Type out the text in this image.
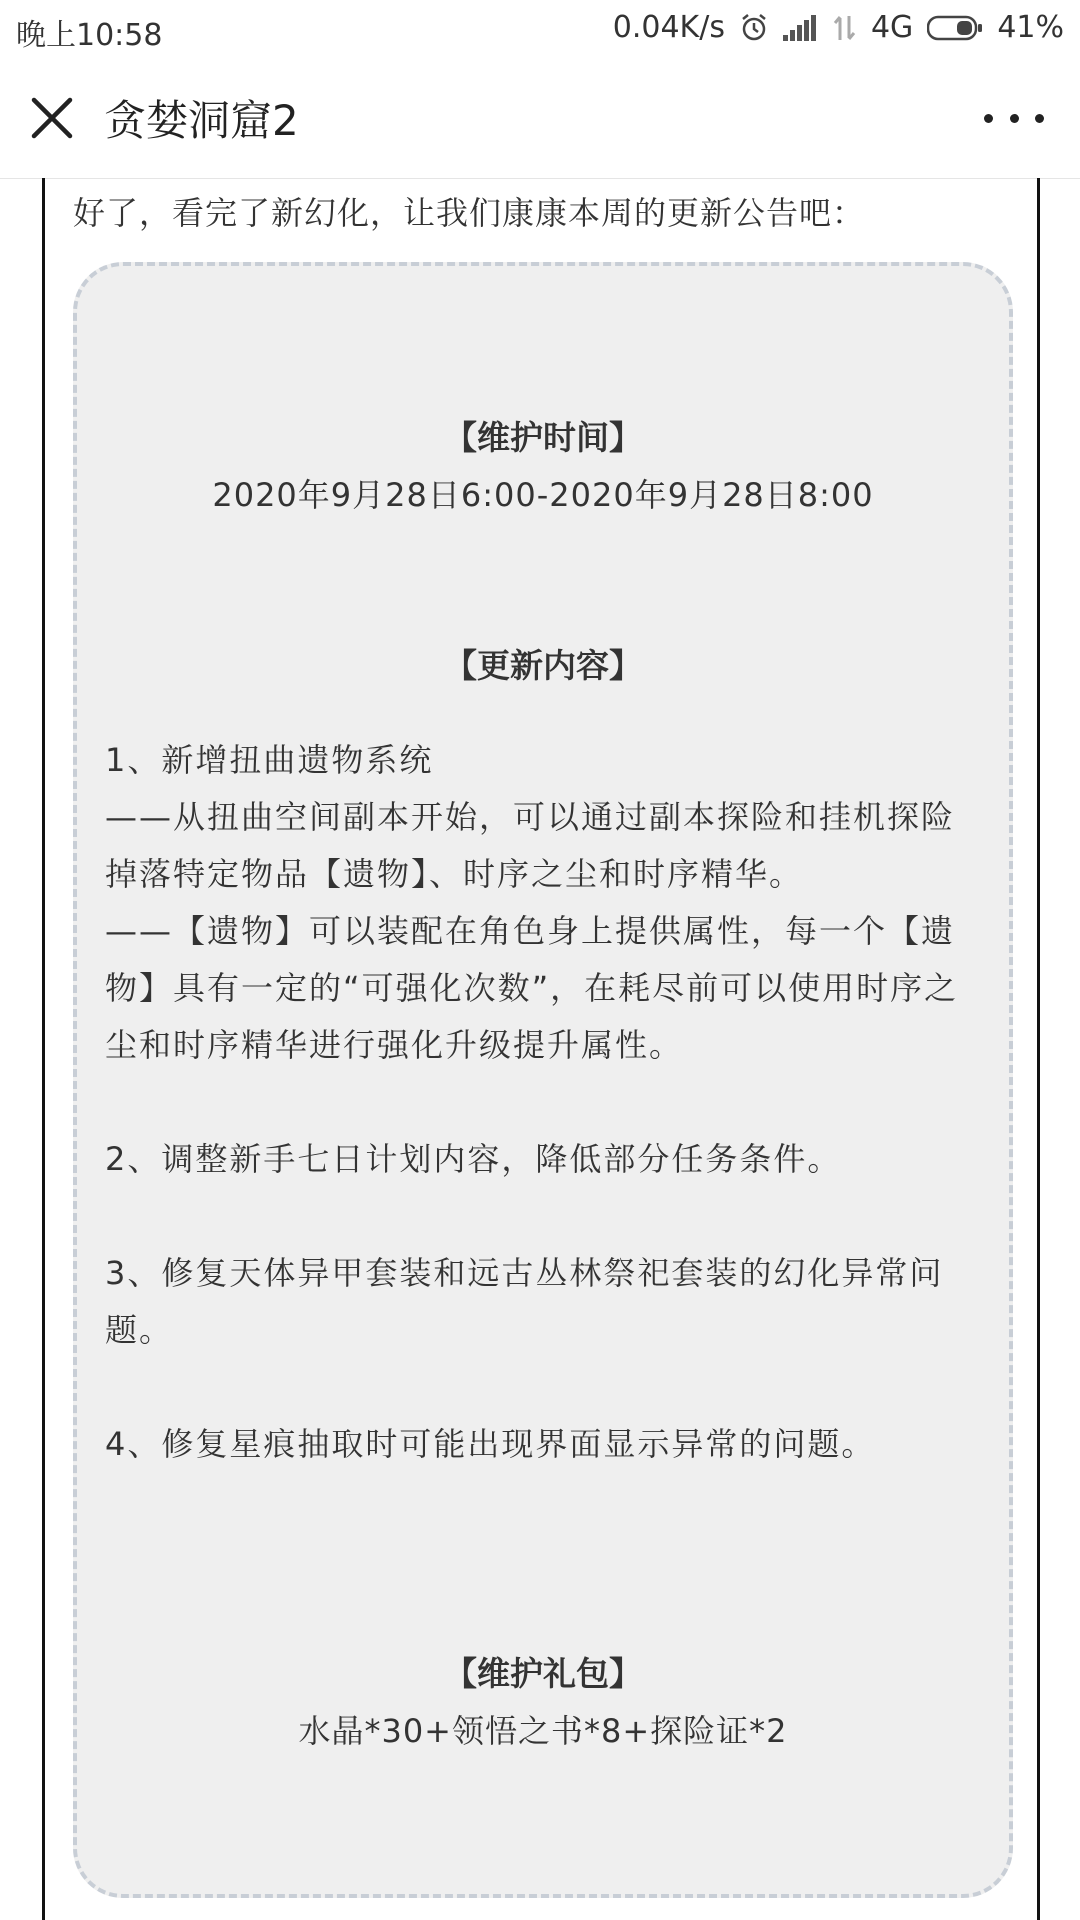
晚上10:58	0.04K/s	4G	41%
贪婪洞窟2
好了，看完了新幻化，让我们康康本周的更新公告吧：
【维护时间】
2020年9月28日6:00-2020年9月28日8:00
【更新内容】

1、新增扭曲遗物系统

——从扭曲空间副本开始，可以通过副本探险和挂机探险掉落特定物品【遗物】、时序之尘和时序精华。

——【遗物】可以装配在角色身上提供属性，每一个【遗物】具有一定的“可强化次数”，在耗尽前可以使用时序之尘和时序精华进行强化升级提升属性。

2、调整新手七日计划内容，降低部分任务条件。

3、修复天体异甲套装和远古丛林祭祀套装的幻化异常问题。

4、修复星痕抽取时可能出现界面显示异常的问题。

【维护礼包】
水晶*30+领悟之书*8+探险证*2
